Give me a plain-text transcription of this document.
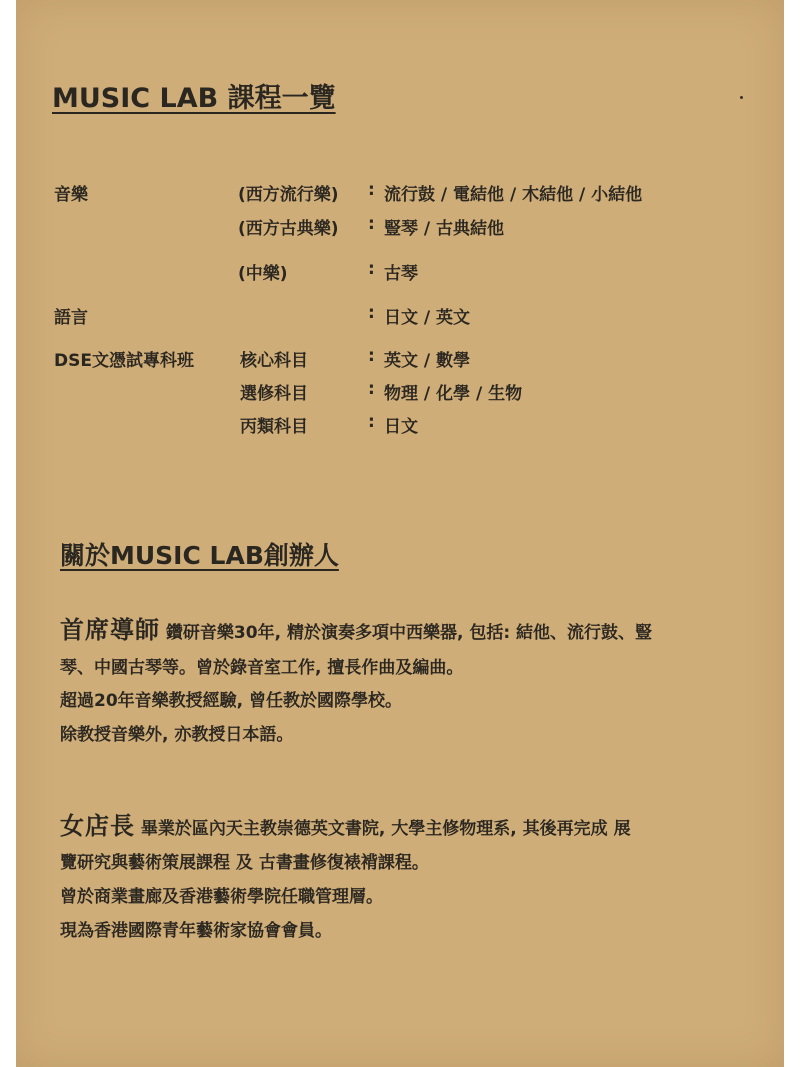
MUSIC LAB 課程一覽
音樂	(西方流行樂) : 流行鼓 / 電結他 / 木結他 / 小結他
(西方古典樂) : 豎琴 / 古典結他
(中樂)	: 古琴
語言	: 日文 / 英文
DSE文憑試專科班	核心科目	: 英文 / 數學
選修科目	: 物理 / 化學 / 生物
丙類科目	: 日文
關於MUSIC LAB創辦人
首席導師 鑽研音樂30年, 精於演奏多項中西樂器, 包括: 結他、流行鼓、豎
琴、中國古琴等。曾於錄音室工作, 擅長作曲及編曲。
超過20年音樂教授經驗, 曾任教於國際學校。
除教授音樂外, 亦教授日本語。
女店長 畢業於區內天主教崇德英文書院, 大學主修物理系, 其後再完成 展
覽研究與藝術策展課程 及 古書畫修復裱褙課程。
曾於商業畫廊及香港藝術學院任職管理層。
現為香港國際青年藝術家協會會員。
